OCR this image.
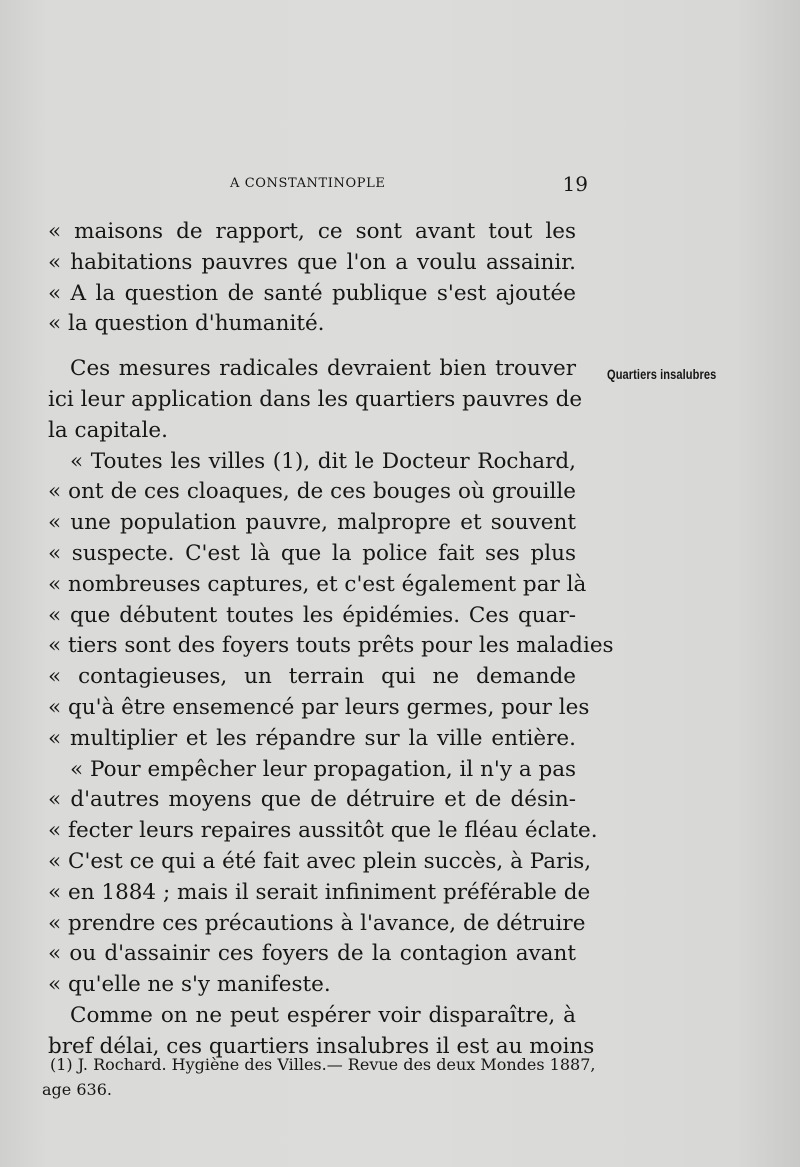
A CONSTANTINOPLE	19
« maisons de rapport, ce sont avant tout les
« habitations pauvres que l'on a voulu assainir.
« A la question de santé publique s'est ajoutée
« la question d'humanité.
Ces mesures radicales devraient bien trouver
ici leur application dans les quartiers pauvres de
la capitale.
« Toutes les villes (1), dit le Docteur Rochard,
« ont de ces cloaques, de ces bouges où grouille
« une population pauvre, malpropre et souvent
« suspecte. C'est là que la police fait ses plus
« nombreuses captures, et c'est également par là
« que débutent toutes les épidémies. Ces quar-
« tiers sont des foyers touts prêts pour les maladies
« contagieuses, un terrain qui ne demande
« qu'à être ensemencé par leurs germes, pour les
« multiplier et les répandre sur la ville entière.
« Pour empêcher leur propagation, il n'y a pas
« d'autres moyens que de détruire et de désin-
« fecter leurs repaires aussitôt que le fléau éclate.
« C'est ce qui a été fait avec plein succès, à Paris,
« en 1884 ; mais il serait infiniment préférable de
« prendre ces précautions à l'avance, de détruire
« ou d'assainir ces foyers de la contagion avant
« qu'elle ne s'y manifeste.
Comme on ne peut espérer voir disparaître, à
bref délai, ces quartiers insalubres il est au moins
Quartiers insalubres
(1) J. Rochard. Hygiène des Villes.— Revue des deux Mondes 1887,
age 636.
